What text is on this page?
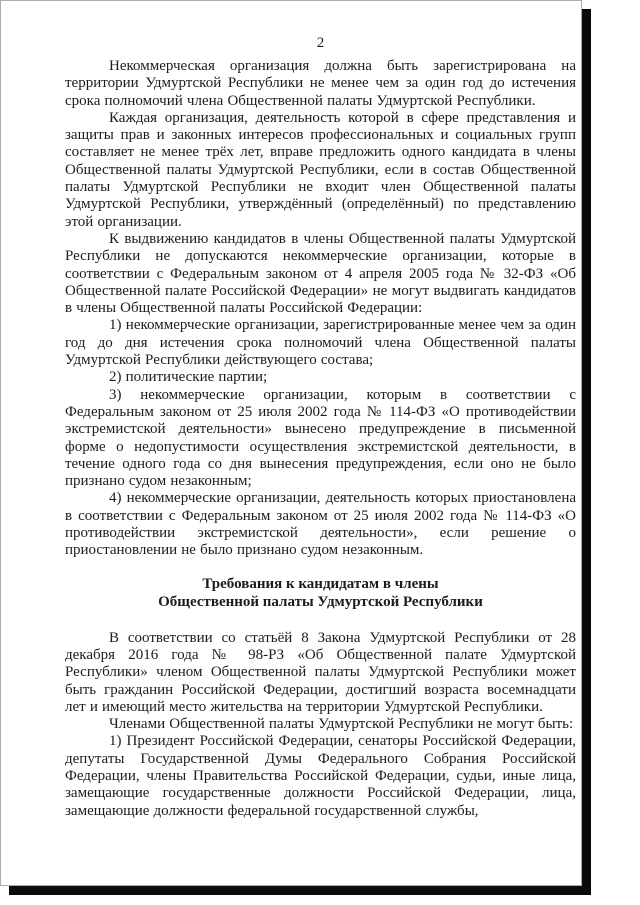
2

Некоммерческая организация должна быть зарегистрирована на территории Удмуртской Республики не менее чем за один год до истечения срока полномочий члена Общественной палаты Удмуртской Республики.

Каждая организация, деятельность которой в сфере представления и защиты прав и законных интересов профессиональных и социальных групп составляет не менее трёх лет, вправе предложить одного кандидата в члены Общественной палаты Удмуртской Республики, если в состав Общественной палаты Удмуртской Республики не входит член Общественной палаты Удмуртской Республики, утверждённый (определённый) по представлению этой организации.

К выдвижению кандидатов в члены Общественной палаты Удмуртской Республики не допускаются некоммерческие организации, которые в соответствии с Федеральным законом от 4 апреля 2005 года № 32-ФЗ «Об Общественной палате Российской Федерации» не могут выдвигать кандидатов в члены Общественной палаты Российской Федерации:

1) некоммерческие организации, зарегистрированные менее чем за один год до дня истечения срока полномочий члена Общественной палаты Удмуртской Республики действующего состава;

2) политические партии;

3) некоммерческие организации, которым в соответствии с Федеральным законом от 25 июля 2002 года № 114-ФЗ «О противодействии экстремистской деятельности» вынесено предупреждение в письменной форме о недопустимости осуществления экстремистской деятельности, в течение одного года со дня вынесения предупреждения, если оно не было признано судом незаконным;

4) некоммерческие организации, деятельность которых приостановлена в соответствии с Федеральным законом от 25 июля 2002 года № 114-ФЗ «О противодействии экстремистской деятельности», если решение о приостановлении не было признано судом незаконным.

Требования к кандидатам в члены
Общественной палаты Удмуртской Республики

В соответствии со статьёй 8 Закона Удмуртской Республики от 28 декабря 2016 года № 98-РЗ «Об Общественной палате Удмуртской Республики» членом Общественной палаты Удмуртской Республики может быть гражданин Российской Федерации, достигший возраста восемнадцати лет и имеющий место жительства на территории Удмуртской Республики.

Членами Общественной палаты Удмуртской Республики не могут быть:

1) Президент Российской Федерации, сенаторы Российской Федерации, депутаты Государственной Думы Федерального Собрания Российской Федерации, члены Правительства Российской Федерации, судьи, иные лица, замещающие государственные должности Российской Федерации, лица, замещающие должности федеральной государственной службы,
